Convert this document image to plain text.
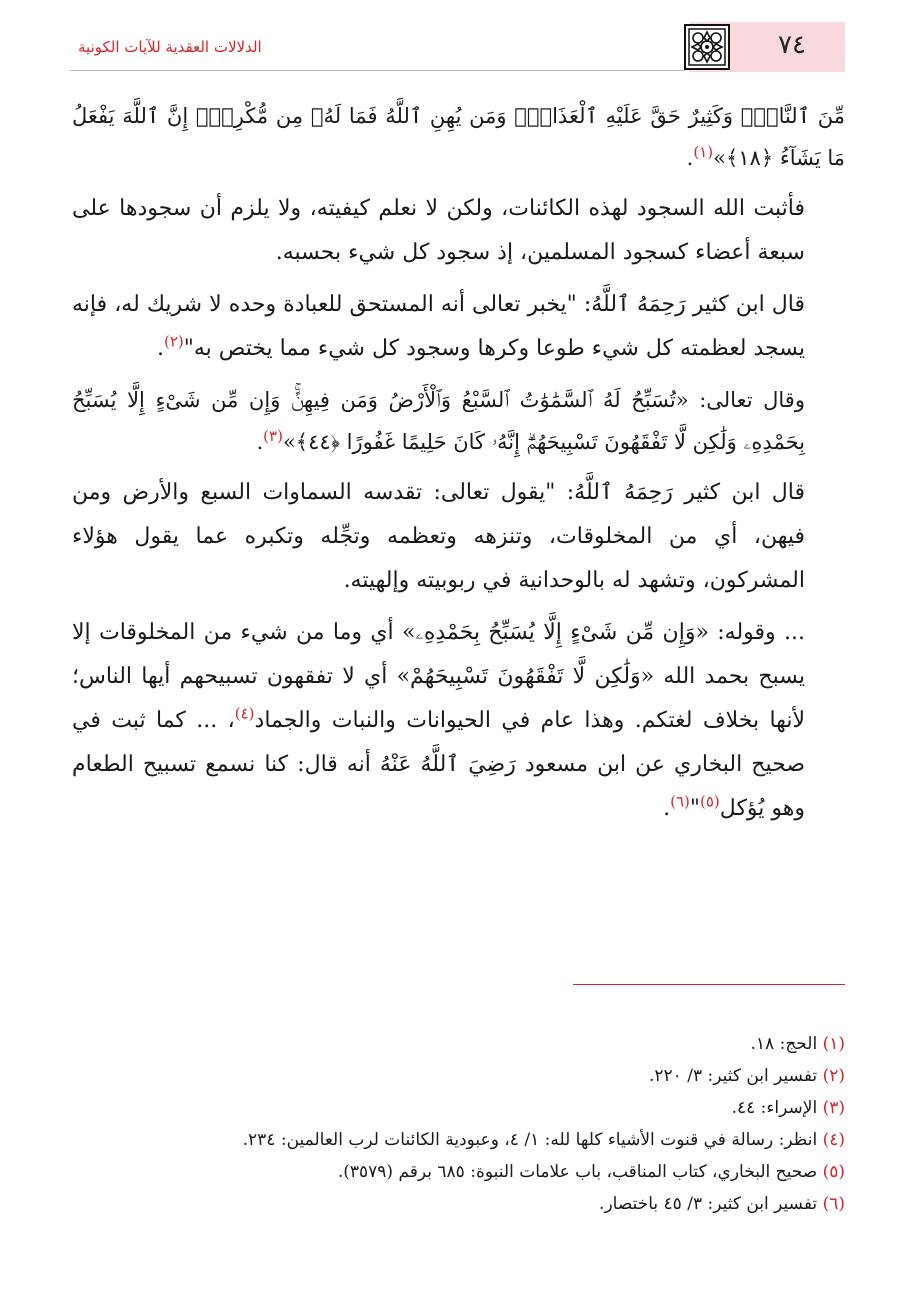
٧٤
الدلالات العقدية للآيات الكونية

مِّنَ ٱلنَّاسِۖ وَكَثِيرٌ حَقَّ عَلَيْهِ ٱلْعَذَابُۗ وَمَن يُهِنِ ٱللَّهُ فَمَا لَهُۥ مِن مُّكْرِمٍۚ إِنَّ ٱللَّهَ يَفْعَلُ مَا يَشَآءُ ﴿١٨﴾»$^{(١)}$.

فأثبت الله السجود لهذه الكائنات، ولكن لا نعلم كيفيته، ولا يلزم أن سجودها على سبعة أعضاء كسجود المسلمين، إذ سجود كل شيء بحسبه.

قال ابن كثير رَحِمَهُ ٱللَّهُ: "يخبر تعالى أنه المستحق للعبادة وحده لا شريك له، فإنه يسجد لعظمته كل شيء طوعا وكرها وسجود كل شيء مما يختص به"$^{(٢)}$.

وقال تعالى: «تُسَبِّحُ لَهُ ٱلسَّمَٰوَٰتُ ٱلسَّبْعُ وَٱلْأَرْضُ وَمَن فِيهِنَّۚ وَإِن مِّن شَىْءٍ إِلَّا يُسَبِّحُ بِحَمْدِهِۦ وَلَٰكِن لَّا تَفْقَهُونَ تَسْبِيحَهُمْۗ إِنَّهُۥ كَانَ حَلِيمًا غَفُورًا ﴿٤٤﴾»$^{(٣)}$.

قال ابن كثير رَحِمَهُ ٱللَّهُ: "يقول تعالى: تقدسه السماوات السبع والأرض ومن فيهن، أي من المخلوقات، وتنزهه وتعظمه وتجِّله وتكبره عما يقول هؤلاء المشركون، وتشهد له بالوحدانية في ربوبيته وإلهيته.

... وقوله: «وَإِن مِّن شَىْءٍ إِلَّا يُسَبِّحُ بِحَمْدِهِۦ» أي وما من شيء من المخلوقات إلا يسبح بحمد الله «وَلَٰكِن لَّا تَفْقَهُونَ تَسْبِيحَهُمْ» أي لا تفقهون تسبيحهم أيها الناس؛ لأنها بخلاف لغتكم. وهذا عام في الحيوانات والنبات والجماد$^{(٤)}$، ... كما ثبت في صحيح البخاري عن ابن مسعود رَضِيَ ٱللَّهُ عَنْهُ أنه قال: كنا نسمع تسبيح الطعام وهو يُؤكل$^{(٥)}$"$^{(٦)}$.

(١) الحج: ١٨.
(٢) تفسير ابن كثير: ٣/ ٢٢٠.
(٣) الإسراء: ٤٤.
(٤) انظر: رسالة في قنوت الأشياء كلها لله: ١/ ٤، وعبودية الكائنات لرب العالمين: ٢٣٤.
(٥) صحيح البخاري، كتاب المناقب، باب علامات النبوة: ٦٨٥ برقم (٣٥٧٩).
(٦) تفسير ابن كثير: ٣/ ٤٥ باختصار.
